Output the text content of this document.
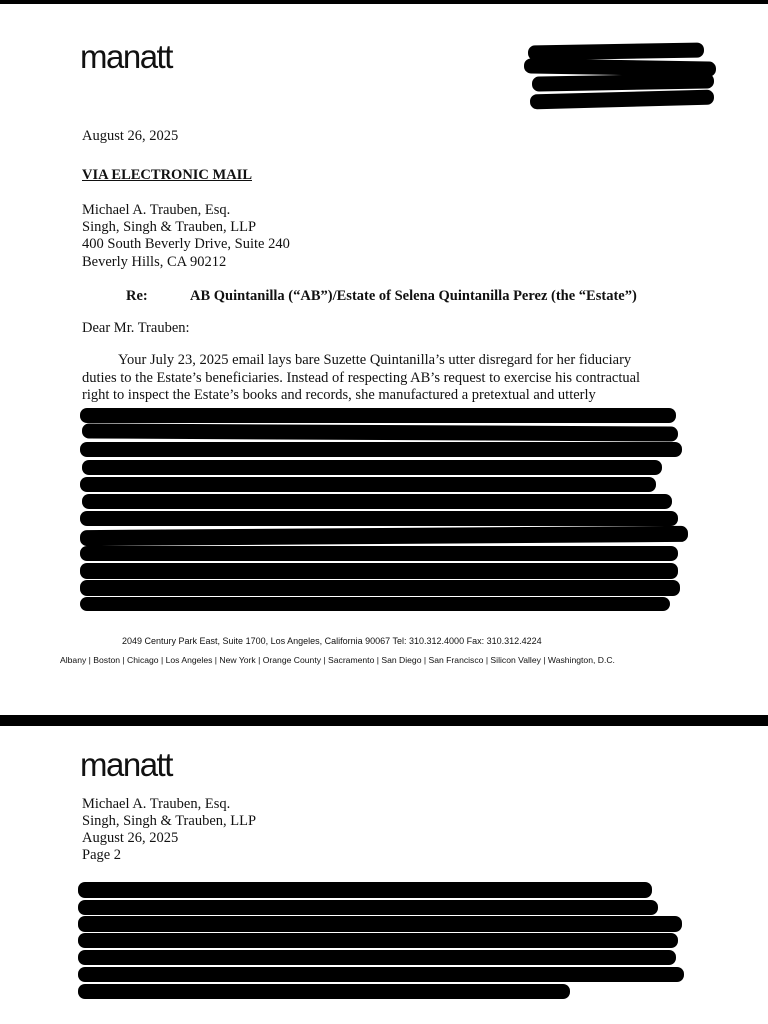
manatt
August 26, 2025
VIA ELECTRONIC MAIL
Michael A. Trauben, Esq.
Singh, Singh & Trauben, LLP
400 South Beverly Drive, Suite 240
Beverly Hills, CA 90212
Re:	AB Quintanilla (“AB”)/Estate of Selena Quintanilla Perez (the “Estate”)
Dear Mr. Trauben:
Your July 23, 2025 email lays bare Suzette Quintanilla’s utter disregard for her fiduciary
duties to the Estate’s beneficiaries. Instead of respecting AB’s request to exercise his contractual
right to inspect the Estate’s books and records, she manufactured a pretextual and utterly
2049 Century Park East, Suite 1700, Los Angeles, California 90067 Tel: 310.312.4000 Fax: 310.312.4224
Albany | Boston | Chicago | Los Angeles | New York | Orange County | Sacramento | San Diego | San Francisco | Silicon Valley | Washington, D.C.
manatt
Michael A. Trauben, Esq.
Singh, Singh & Trauben, LLP
August 26, 2025
Page 2
